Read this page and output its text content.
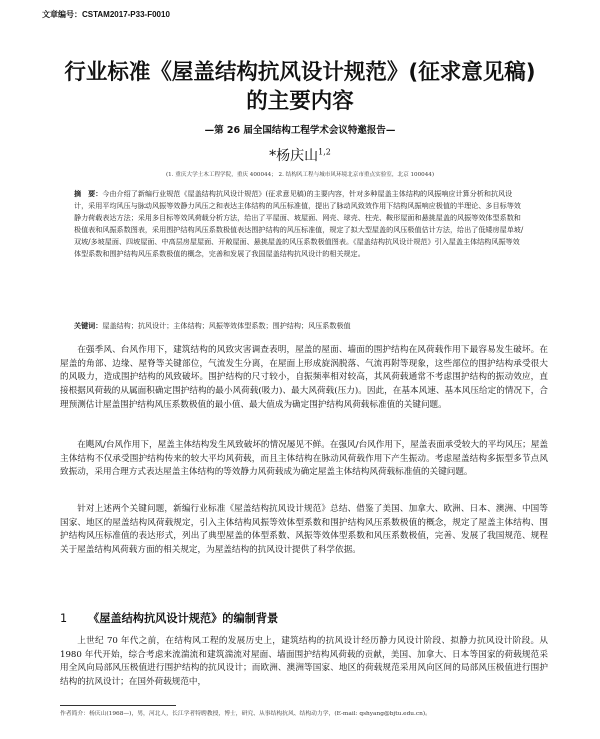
文章编号：CSTAM2017-P33-F0010
行业标准《屋盖结构抗风设计规范》(征求意见稿)
的主要内容
—第 26 届全国结构工程学术会议特邀报告—
*杨庆山$^{1,2}$
(1. 重庆大学土木工程学院，重庆 400044； 2. 结构风工程与城市风环境北京市重点实验室，北京 100044)
摘　要：今由介绍了新编行业规范《屋盖结构抗风设计规范》(征求意见稿)的主要内容，针对多种屋盖主体结构的风振响应计算分析和抗风设计，采用平均风压与脉动风振等效静力风压之和表达主体结构的风压标准值，提出了脉动风致效作用下结构风振响应极值的半理论、多目标等效静力荷载表达方法；采用多目标等效风荷载分析方法，给出了平屋面、坡屋面、网壳、球壳、柱壳、鞍形屋面和悬挑屋盖的风振等效体型系数和极值表和风振系数图表，采用围护结构风压系数极值表达围护结构的风压标准值，规定了拟大型屋盖的风压极值估计方法，给出了低矮房屋单坡/双坡/多坡屋面、四坡屋面、中高层房屋屋面、开敞屋面、悬挑屋盖的风压系数极值图表。《屋盖结构抗风设计规范》引入屋盖主体结构风振等效体型系数和围护结构风压系数极值的概念，完善和发展了我国屋盖结构抗风设计的相关规定。
关键词：屋盖结构；抗风设计；主体结构；风振等效体型系数；围护结构；风压系数极值

在强季风、台风作用下，建筑结构的风致灾害调查表明，屋盖的屋面、墙面的围护结构在风荷载作用下最容易发生破坏。在屋盖的角部、边缘、屋脊等关键部位，气流发生分离，在屋面上形成旋涡脱落、气流再附等现象，这些部位的围护结构承受很大的风吸力，造成围护结构的风致破坏。围护结构的尺寸较小，自振频率相对较高，其风荷载通常不考虑围护结构的振动效应，直接根据风荷载的从属面积确定围护结构的最小风荷载(吸力)、最大风荷载(压力)。因此，在基本风速、基本风压给定的情况下，合理预测估计屋盖围护结构风压系数极值的最小值、最大值成为确定围护结构风荷载标准值的关键问题。

在飓风/台风作用下，屋盖主体结构发生风致破坏的情况屡见不鲜。在强风/台风作用下，屋盖表面承受较大的平均风压；屋盖主体结构不仅承受围护结构传来的较大平均风荷载，而且主体结构在脉动风荷载作用下产生振动。考虑屋盖结构多振型多节点风致振动，采用合理方式表达屋盖主体结构的等效静力风荷载成为确定屋盖主体结构风荷载标准值的关键问题。

针对上述两个关键问题，新编行业标准《屋盖结构抗风设计规范》总结、借鉴了美国、加拿大、欧洲、日本、澳洲、中国等国家、地区的屋盖结构风荷载规定，引入主体结构风振等效体型系数和围护结构风压系数极值的概念，规定了屋盖主体结构、围护结构风压标准值的表达形式，列出了典型屋盖的体型系数、风振等效体型系数和风压系数极值，完善、发展了我国规范、规程关于屋盖结构风荷载方面的相关规定，为屋盖结构的抗风设计提供了科学依据。

1 《屋盖结构抗风设计规范》的编制背景

上世纪 70 年代之前，在结构风工程的发展历史上，建筑结构的抗风设计经历静力风设计阶段、拟静力抗风设计阶段。从 1980 年代开始，综合考虑来流湍流和建筑湍流对屋面、墙面围护结构风荷载的贡献，美国、加拿大、日本等国家的荷载规范采用全风向局部风压极值进行围护结构的抗风设计；而欧洲、澳洲等国家、地区的荷载规范采用风向区间的局部风压极值进行围护结构的抗风设计；在国外荷载规范中，

作者简介：杨庆山(1968—)，男，河北人，长江学者特聘教授，博士，研究、从事结构抗风、结构动力学，(E-mail: qshyang@bjtu.edu.cn)。
